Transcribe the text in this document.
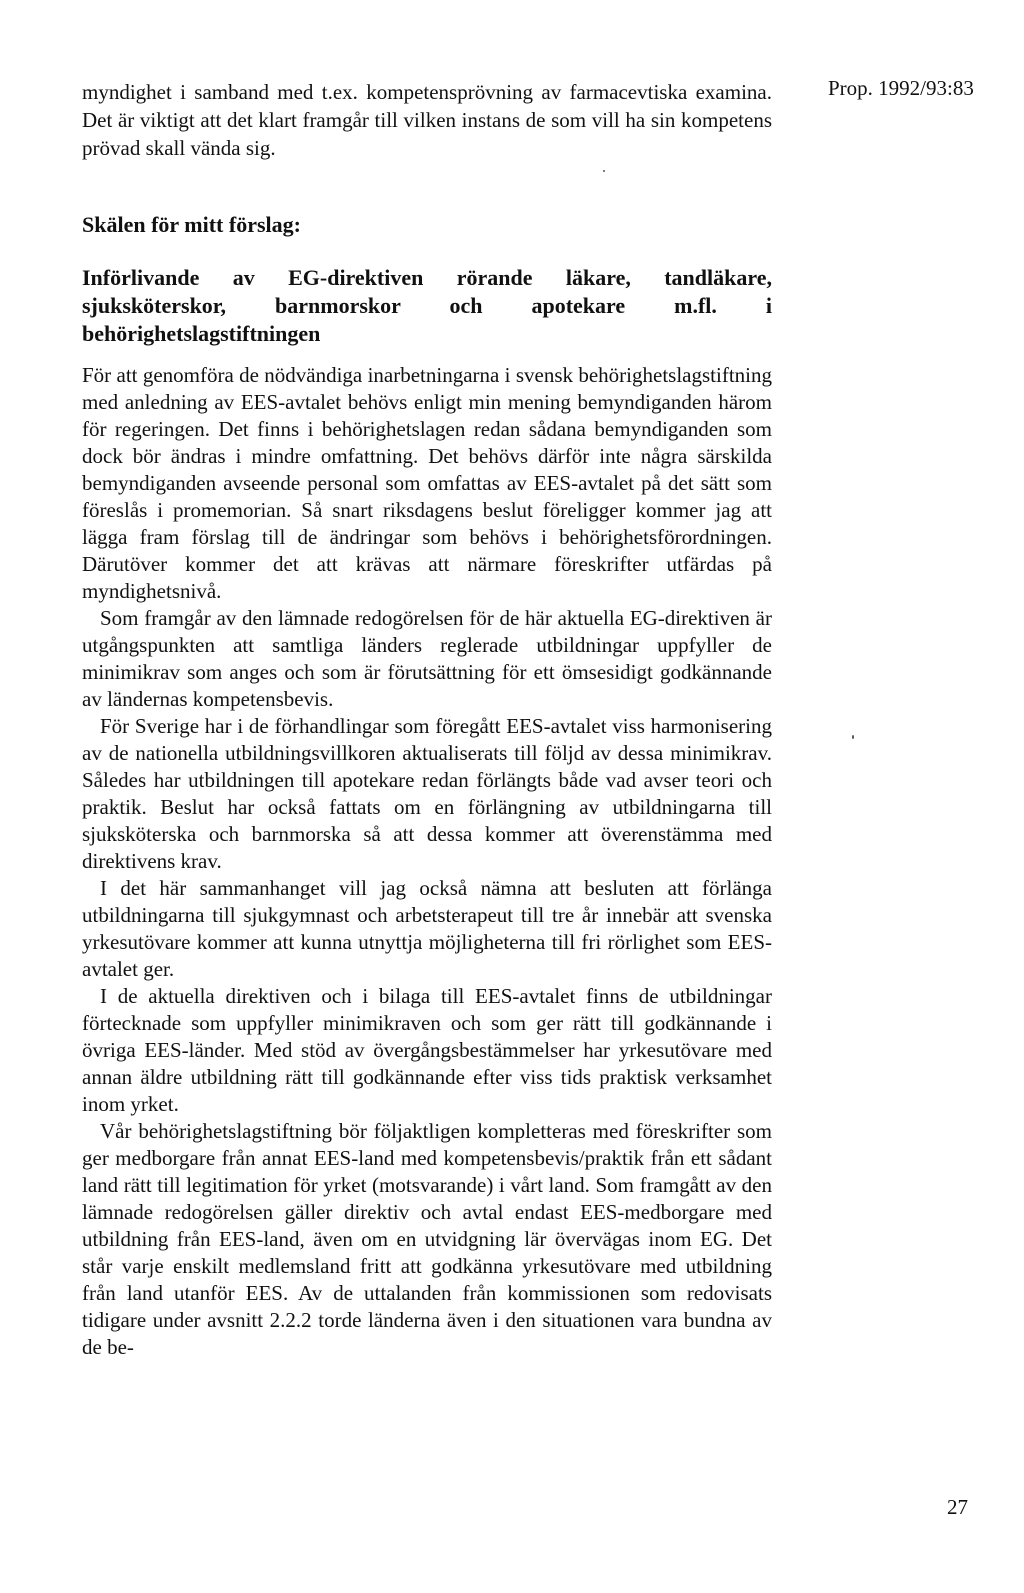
Prop. 1992/93:83

myndighet i samband med t.ex. kompetensprövning av farmacevtiska examina. Det är viktigt att det klart framgår till vilken instans de som vill ha sin kompetens prövad skall vända sig.

Skälen för mitt förslag:
Införlivande av EG-direktiven rörande läkare, tandläkare, sjuksköterskor, barnmorskor och apotekare m.fl. i behörighetslagstiftningen

För att genomföra de nödvändiga inarbetningarna i svensk behörighetslagstiftning med anledning av EES-avtalet behövs enligt min mening bemyndiganden härom för regeringen. Det finns i behörighetslagen redan sådana bemyndiganden som dock bör ändras i mindre omfattning. Det behövs därför inte några särskilda bemyndiganden avseende personal som omfattas av EES-avtalet på det sätt som föreslås i promemorian. Så snart riksdagens beslut föreligger kommer jag att lägga fram förslag till de ändringar som behövs i behörighetsförordningen. Därutöver kommer det att krävas att närmare föreskrifter utfärdas på myndighetsnivå.

Som framgår av den lämnade redogörelsen för de här aktuella EG-direktiven är utgångspunkten att samtliga länders reglerade utbildningar uppfyller de minimikrav som anges och som är förutsättning för ett ömsesidigt godkännande av ländernas kompetensbevis.

För Sverige har i de förhandlingar som föregått EES-avtalet viss harmonisering av de nationella utbildningsvillkoren aktualiserats till följd av dessa minimikrav. Således har utbildningen till apotekare redan förlängts både vad avser teori och praktik. Beslut har också fattats om en förlängning av utbildningarna till sjuksköterska och barnmorska så att dessa kommer att överenstämma med direktivens krav.

I det här sammanhanget vill jag också nämna att besluten att förlänga utbildningarna till sjukgymnast och arbetsterapeut till tre år innebär att svenska yrkesutövare kommer att kunna utnyttja möjligheterna till fri rörlighet som EES-avtalet ger.

I de aktuella direktiven och i bilaga till EES-avtalet finns de utbildningar förtecknade som uppfyller minimikraven och som ger rätt till godkännande i övriga EES-länder. Med stöd av övergångsbestämmelser har yrkesutövare med annan äldre utbildning rätt till godkännande efter viss tids praktisk verksamhet inom yrket.

Vår behörighetslagstiftning bör följaktligen kompletteras med föreskrifter som ger medborgare från annat EES-land med kompetensbevis/praktik från ett sådant land rätt till legitimation för yrket (motsvarande) i vårt land. Som framgått av den lämnade redogörelsen gäller direktiv och avtal endast EES-medborgare med utbildning från EES-land, även om en utvidgning lär övervägas inom EG. Det står varje enskilt medlemsland fritt att godkänna yrkesutövare med utbildning från land utanför EES. Av de uttalanden från kommissionen som redovisats tidigare under avsnitt 2.2.2 torde länderna även i den situationen vara bundna av de be-

27
